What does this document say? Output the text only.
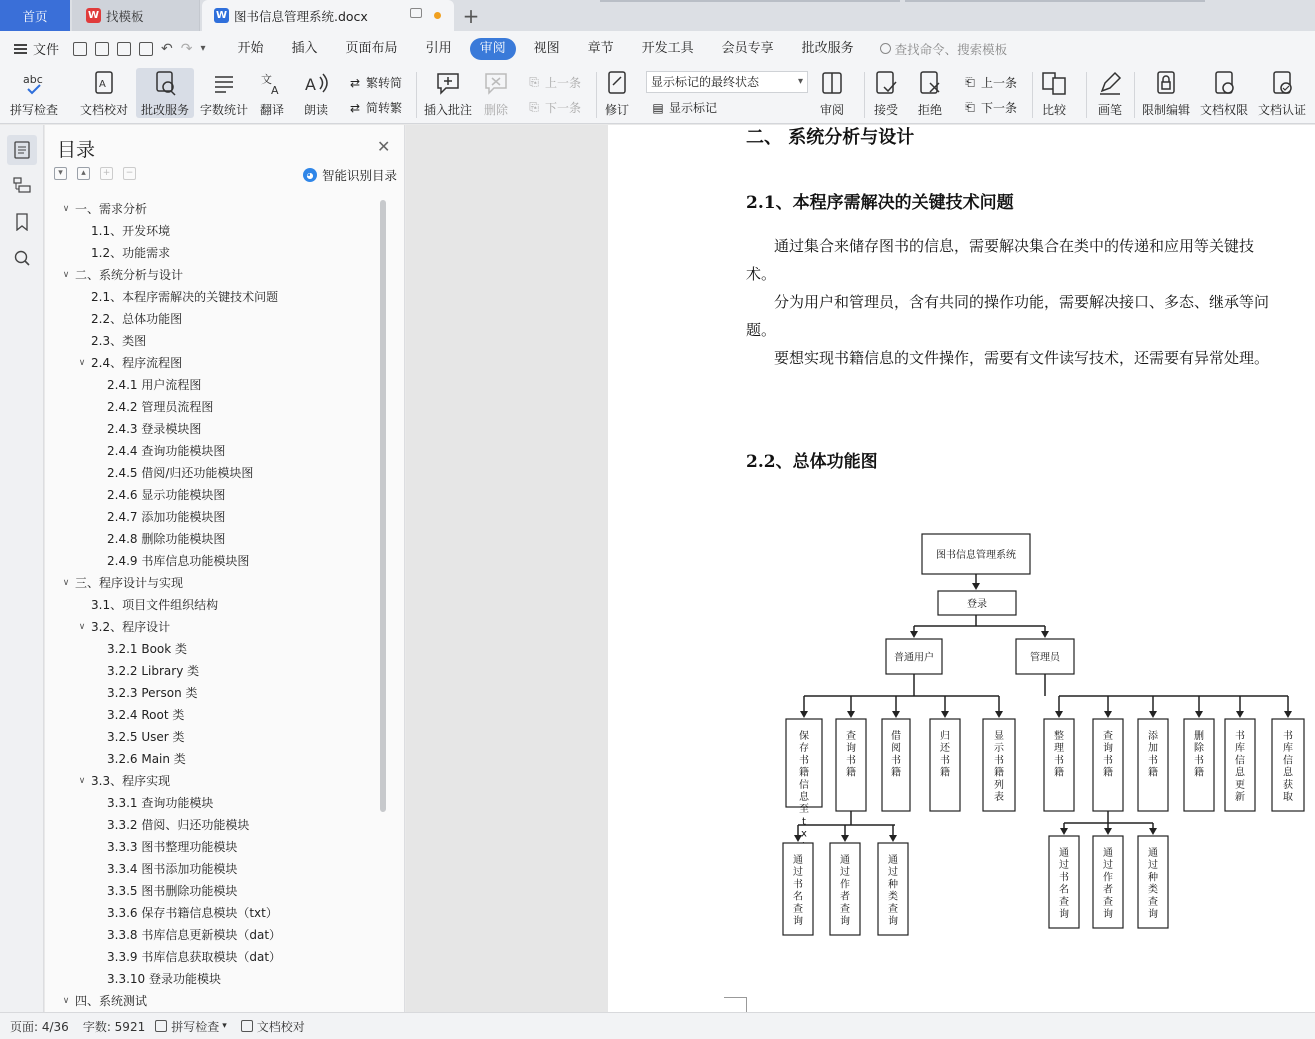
首页	W 找模板	W 图书信息管理系统.docx	+
文件	↶ ↷ ▾	开始	插入	页面布局	引用	审阅	视图	章节	开发工具	会员专享	批改服务	查找命令、搜索模板
abc
拼写检查
A
文档校对 批改服务 字数统计
文
A
翻译
A
朗读
⇄ 繁转简
⇄ 简转繁 插入批注 删除
⎘ 上一条
⎘ 下一条 修订
显示标记的最终状态 ▾
▤ 显示标记	审阅 接受 拒绝
⎗ 上一条
⎗ 下一条 比较	画笔 限制编辑 文档权限 文档认证
目录	✕
▾	▴	+	−	◕ 智能识别目录
∨ 一、需求分析
1.1、开发环境
1.2、功能需求
∨ 二、系统分析与设计
2.1、本程序需解决的关键技术问题
2.2、总体功能图
2.3、类图
∨ 2.4、程序流程图
2.4.1 用户流程图
2.4.2 管理员流程图
2.4.3 登录模块图
2.4.4 查询功能模块图
2.4.5 借阅/归还功能模块图
2.4.6 显示功能模块图
2.4.7 添加功能模块图
2.4.8 删除功能模块图
2.4.9 书库信息功能模块图
∨ 三、程序设计与实现
3.1、项目文件组织结构
∨ 3.2、程序设计
3.2.1 Book 类
3.2.2 Library 类
3.2.3 Person 类
3.2.4 Root 类
3.2.5 User 类
3.2.6 Main 类
∨ 3.3、程序实现
3.3.1 查询功能模块
3.3.2 借阅、归还功能模块
3.3.3 图书整理功能模块
3.3.4 图书添加功能模块
3.3.5 图书删除功能模块
3.3.6 保存书籍信息模块（txt）
3.3.8 书库信息更新模块（dat）
3.3.9 书库信息获取模块（dat）
3.3.10 登录功能模块
∨ 四、系统测试
二、 系统分析与设计
2.1、本程序需解决的关键技术问题
通过集合来储存图书的信息，需要解决集合在类中的传递和应用等关键技
术。
分为用户和管理员，含有共同的操作功能，需要解决接口、多态、继承等问
题。
要想实现书籍信息的文件操作，需要有文件读写技术，还需要有异常处理。
2.2、总体功能图
图书信息管理系统
登录
普通用户	管理员
保
存
书
籍
信
息
至
t
x
查
询
书
籍
借
阅
书
籍
归
还
书
籍
显
示
书
籍
列
表
整
理
书
籍
查
询
书
籍
添
加
书
籍
删
除
书
籍
书
库
信
息
更
新
书
库
信
息
获
取
通
过
书
名
查
询
通
过
作
者
查
询
通
过
种
类
查
询
通
过
书
名
查
询
通
过
作
者
查
询
通
过
种
类
查
询
页面: 4/36 字数: 5921 拼写检查 ▾	文档校对
